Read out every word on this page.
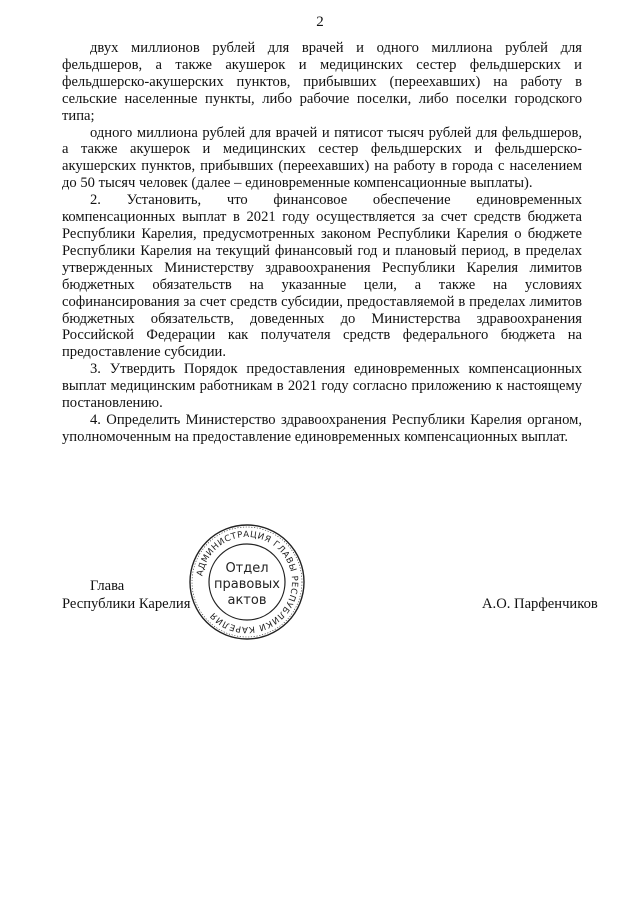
2

двух миллионов рублей для врачей и одного миллиона рублей для фельдшеров, а также акушерок и медицинских сестер фельдшерских и фельдшерско-акушерских пунктов, прибывших (переехавших) на работу в сельские населенные пункты, либо рабочие поселки, либо поселки городского типа;

одного миллиона рублей для врачей и пятисот тысяч рублей для фельдшеров, а также акушерок и медицинских сестер фельдшерских и фельдшерско-акушерских пунктов, прибывших (переехавших) на работу в города с населением до 50 тысяч человек (далее – единовременные компенсационные выплаты).

2. Установить, что финансовое обеспечение единовременных компенсационных выплат в 2021 году осуществляется за счет средств бюджета Республики Карелия, предусмотренных законом Республики Карелия о бюджете Республики Карелия на текущий финансовый год и плановый период, в пределах утвержденных Министерству здравоохранения Республики Карелия лимитов бюджетных обязательств на указанные цели, а также на условиях софинансирования за счет средств субсидии, предоставляемой в пределах лимитов бюджетных обязательств, доведенных до Министерства здравоохранения Российской Федерации как получателя средств федерального бюджета на предоставление субсидии.

3. Утвердить Порядок предоставления единовременных компенсационных выплат медицинским работникам в 2021 году согласно приложению к настоящему постановлению.

4. Определить Министерство здравоохранения Республики Карелия органом, уполномоченным на предоставление единовременных компенсационных выплат.

Глава
Республики Карелия	А.О. Парфенчиков
АДМИНИСТРАЦИЯ ГЛАВЫ РЕСПУБЛИКИ КАРЕЛИЯ
Отдел
правовых
актов
